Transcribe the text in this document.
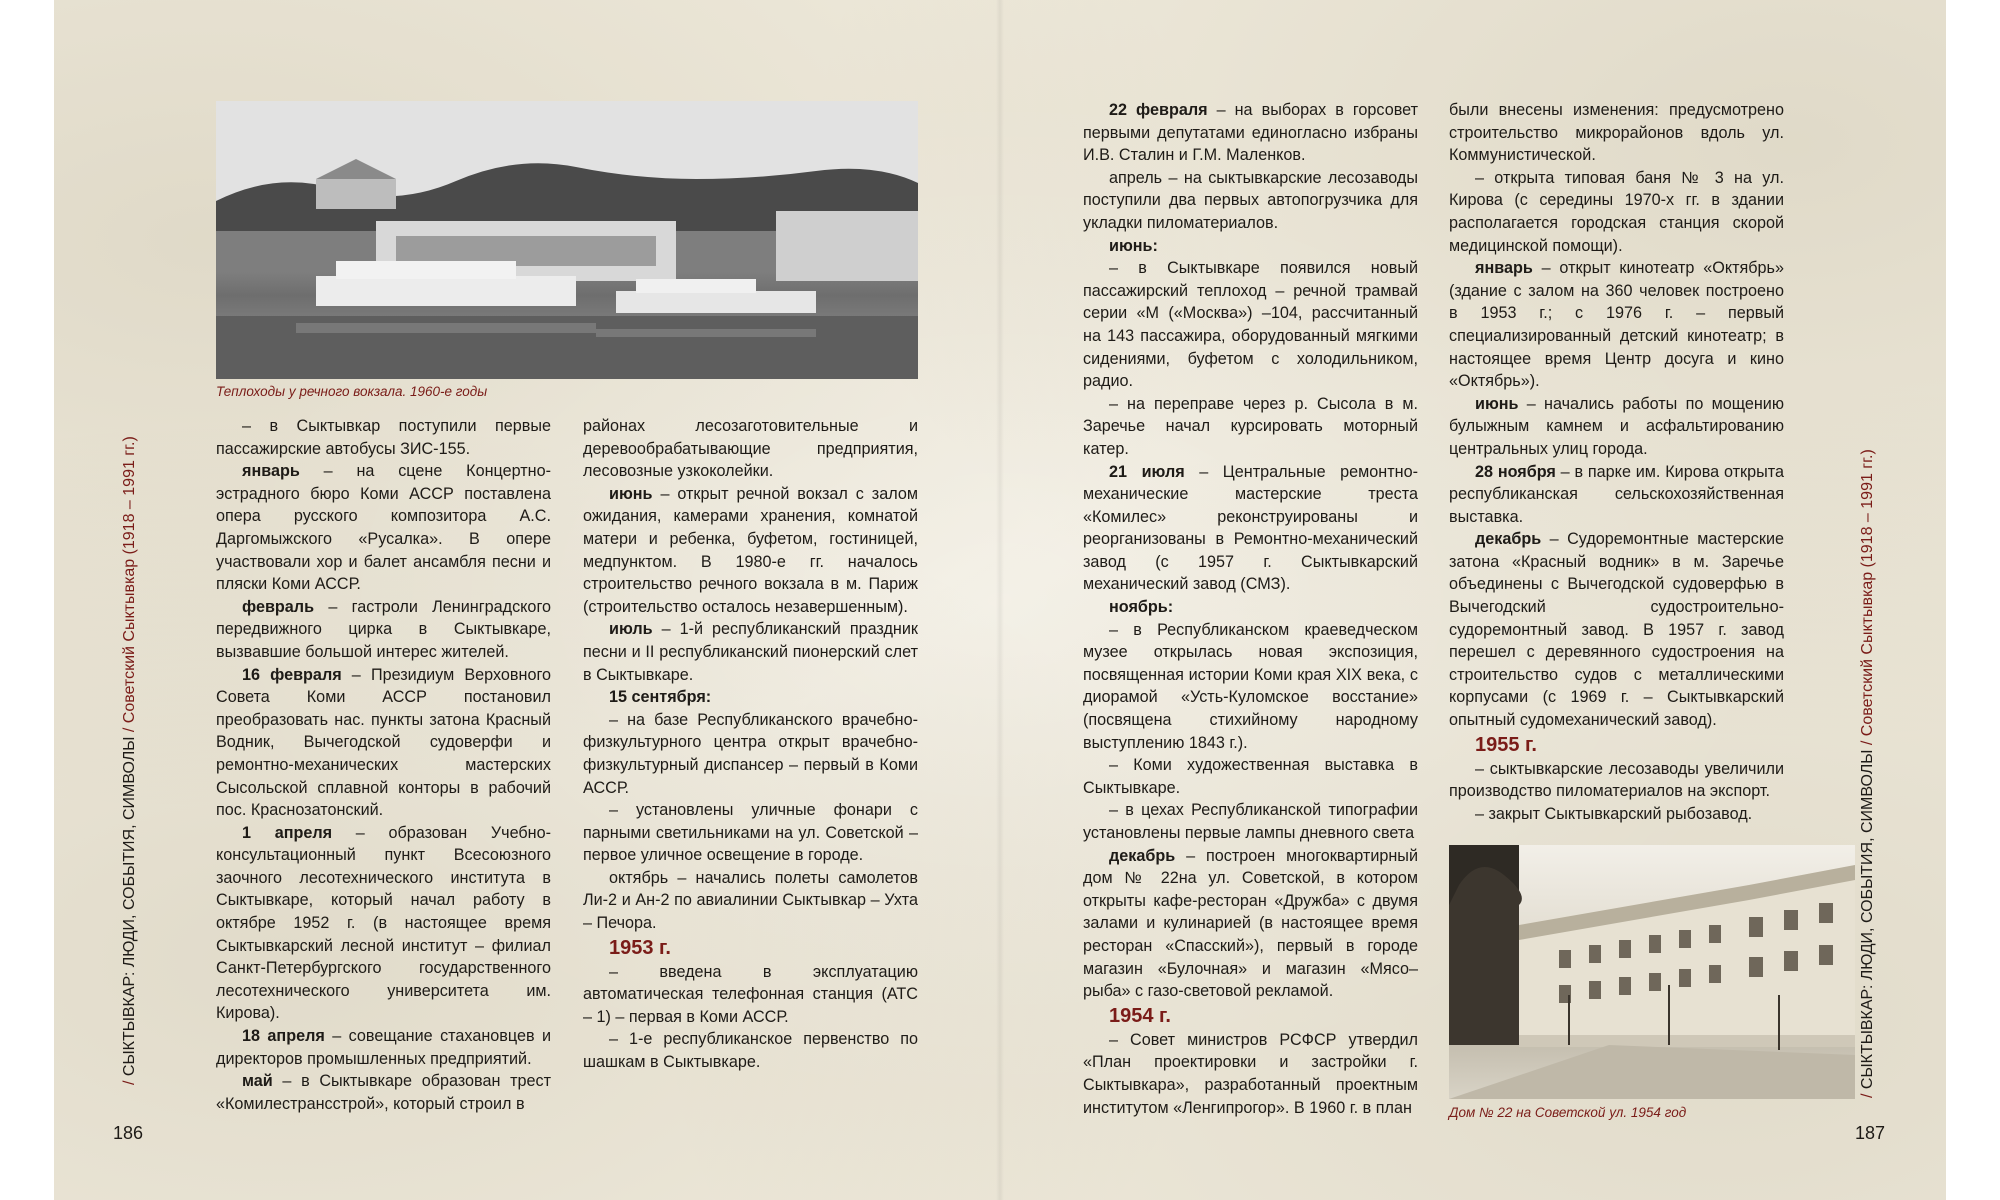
Теплоходы у речного вокзала. 1960-е годы

– в Сыктывкар поступили первые пассажирские автобусы ЗИС-155.

январь – на сцене Концертно-эстрадного бюро Коми АССР поставлена опера русского композитора А.С. Даргомыжского «Русалка». В опере участвовали хор и балет ансамбля песни и пляски Коми АССР.

февраль – гастроли Ленинградского передвижного цирка в Сыктывкаре, вызвавшие большой интерес жителей.

16 февраля – Президиум Верховного Совета Коми АССР постановил преобразовать нас. пункты затона Красный Водник, Вычегодской судоверфи и ремонтно-механических мастерских Сысольской сплавной конторы в рабочий пос. Краснозатонский.

1 апреля – образован Учебно-консультационный пункт Всесоюзного заочного лесотехнического института в Сыктывкаре, который начал работу в октябре 1952 г. (в настоящее время Сыктывкарский лесной институт – филиал Санкт-Петербургского государственного лесотехнического университета им. Кирова).

18 апреля – совещание стахановцев и директоров промышленных предприятий.

май – в Сыктывкаре образован трест «Комилестрансстрой», который строил в

районах лесозаготовительные и деревообрабатывающие предприятия, лесовозные узкоколейки.

июнь – открыт речной вокзал с залом ожидания, камерами хранения, комнатой матери и ребенка, буфетом, гостиницей, медпунктом. В 1980-е гг. началось строительство речного вокзала в м. Париж (строительство осталось незавершенным).

июль – 1-й республиканский праздник песни и II республиканский пионерский слет в Сыктывкаре.

15 сентября:

– на базе Республиканского врачебно-физкультурного центра открыт врачебно-физкультурный диспансер – первый в Коми АССР.

– установлены уличные фонари с парными светильниками на ул. Советской – первое уличное освещение в городе.

октябрь – начались полеты самолетов Ли-2 и Ан-2 по авиалинии Сыктывкар – Ухта – Печора.

1953 г.

– введена в эксплуатацию автоматическая телефонная станция (АТС – 1) – первая в Коми АССР.

– 1-е республиканское первенство по шашкам в Сыктывкаре.

186
/ СЫКТЫВКАР: ЛЮДИ, СОБЫТИЯ, СИМВОЛЫ / Советский Сыктывкар (1918 – 1991 гг.)

22 февраля – на выборах в горсовет первыми депутатами единогласно избраны И.В. Сталин и Г.М. Маленков.

апрель – на сыктывкарские лесозаводы поступили два первых автопогрузчика для укладки пиломатериалов.

июнь:

– в Сыктывкаре появился новый пассажирский теплоход – речной трамвай серии «М («Москва») –104, рассчитанный на 143 пассажира, оборудованный мягкими сидениями, буфетом с холодильником, радио.

– на переправе через р. Сысола в м. Заречье начал курсировать моторный катер.

21 июля – Центральные ремонтно-механические мастерские треста «Комилес» реконструированы и реорганизованы в Ремонтно-механический завод (с 1957 г. Сыктывкарский механический завод (СМЗ).

ноябрь:

– в Республиканском краеведческом музее открылась новая экспозиция, посвященная истории Коми края XIX века, с диорамой «Усть-Куломское восстание» (посвящена стихийному народному выступлению 1843 г.).

– Коми художественная выставка в Сыктывкаре.

– в цехах Республиканской типографии установлены первые лампы дневного света

декабрь – построен многоквартирный дом № 22на ул. Советской, в котором открыты кафе-ресторан «Дружба» с двумя залами и кулинарией (в настоящее время ресторан «Спасский»), первый в городе магазин «Булочная» и магазин «Мясо–рыба» с газо-световой рекламой.

1954 г.

– Совет министров РСФСР утвердил «План проектировки и застройки г. Сыктывкара», разработанный проектным институтом «Ленгипрогор». В 1960 г. в план

были внесены изменения: предусмотрено строительство микрорайонов вдоль ул. Коммунистической.

– открыта типовая баня № 3 на ул. Кирова (с середины 1970-х гг. в здании располагается городская станция скорой медицинской помощи).

январь – открыт кинотеатр «Октябрь» (здание с залом на 360 человек построено в 1953 г.; с 1976 г. – первый специализированный детский кинотеатр; в настоящее время Центр досуга и кино «Октябрь»).

июнь – начались работы по мощению булыжным камнем и асфальтированию центральных улиц города.

28 ноября – в парке им. Кирова открыта республиканская сельскохозяйственная выставка.

декабрь – Судоремонтные мастерские затона «Красный водник» в м. Заречье объединены с Вычегодской судоверфью в Вычегодский судостроительно-судоремонтный завод. В 1957 г. завод перешел с деревянного судостроения на строительство судов с металлическими корпусами (с 1969 г. – Сыктывкарский опытный судомеханический завод).

1955 г.

– сыктывкарские лесозаводы увеличили производство пиломатериалов на экспорт.

– закрыт Сыктывкарский рыбозавод.

Дом № 22 на Советской ул. 1954 год
187
/ СЫКТЫВКАР: ЛЮДИ, СОБЫТИЯ, СИМВОЛЫ / Советский Сыктывкар (1918 – 1991 гг.)
